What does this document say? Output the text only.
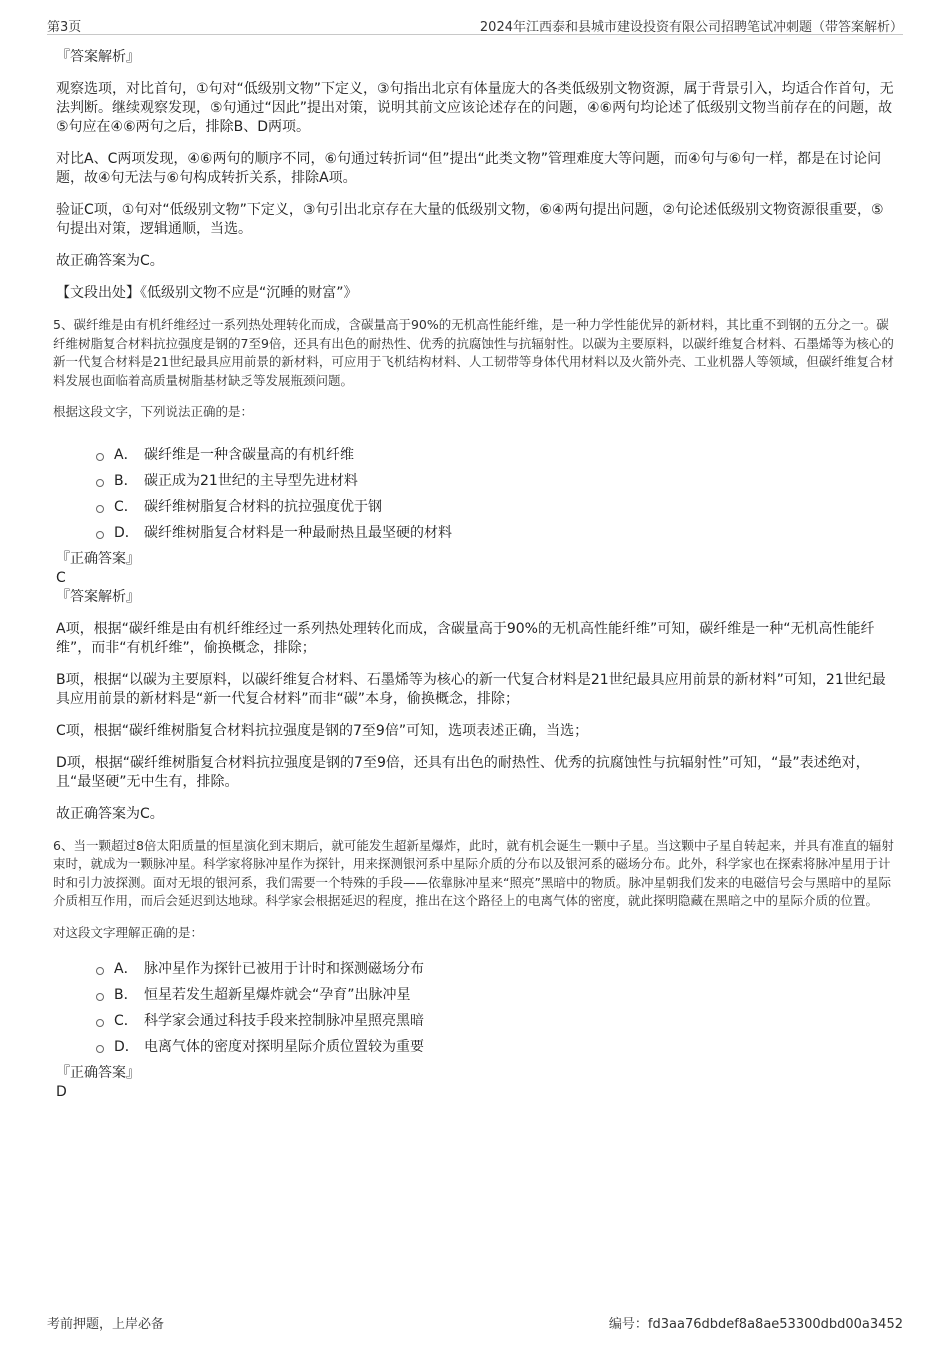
第3页	2024年江西泰和县城市建设投资有限公司招聘笔试冲刺题（带答案解析）

『答案解析』

观察选项，对比首句，①句对“低级别文物”下定义，③句指出北京有体量庞大的各类低级别文物资源，属于背景引入，均适合作首句，无法判断。继续观察发现，⑤句通过“因此”提出对策，说明其前文应该论述存在的问题，④⑥两句均论述了低级别文物当前存在的问题，故⑤句应在④⑥两句之后，排除B、D两项。

对比A、C两项发现，④⑥两句的顺序不同，⑥句通过转折词“但”提出“此类文物”管理难度大等问题，而④句与⑥句一样，都是在讨论问题，故④句无法与⑥句构成转折关系，排除A项。

验证C项，①句对“低级别文物”下定义，③句引出北京存在大量的低级别文物，⑥④两句提出问题，②句论述低级别文物资源很重要，⑤句提出对策，逻辑通顺，当选。

故正确答案为C。

【文段出处】《低级别文物不应是“沉睡的财富”》

5、碳纤维是由有机纤维经过一系列热处理转化而成，含碳量高于90%的无机高性能纤维，是一种力学性能优异的新材料，其比重不到钢的五分之一。碳纤维树脂复合材料抗拉强度是钢的7至9倍，还具有出色的耐热性、优秀的抗腐蚀性与抗辐射性。以碳为主要原料，以碳纤维复合材料、石墨烯等为核心的新一代复合材料是21世纪最具应用前景的新材料，可应用于飞机结构材料、人工韧带等身体代用材料以及火箭外壳、工业机器人等领域，但碳纤维复合材料发展也面临着高质量树脂基材缺乏等发展瓶颈问题。

根据这段文字，下列说法正确的是：

A． 碳纤维是一种含碳量高的有机纤维
B． 碳正成为21世纪的主导型先进材料
C． 碳纤维树脂复合材料的抗拉强度优于钢
D． 碳纤维树脂复合材料是一种最耐热且最坚硬的材料

『正确答案』

C

『答案解析』

A项，根据“碳纤维是由有机纤维经过一系列热处理转化而成，含碳量高于90%的无机高性能纤维”可知，碳纤维是一种“无机高性能纤维”，而非“有机纤维”，偷换概念，排除；

B项，根据“以碳为主要原料，以碳纤维复合材料、石墨烯等为核心的新一代复合材料是21世纪最具应用前景的新材料”可知，21世纪最具应用前景的新材料是“新一代复合材料”而非“碳”本身，偷换概念，排除；

C项，根据“碳纤维树脂复合材料抗拉强度是钢的7至9倍”可知，选项表述正确，当选；

D项，根据“碳纤维树脂复合材料抗拉强度是钢的7至9倍，还具有出色的耐热性、优秀的抗腐蚀性与抗辐射性”可知，“最”表述绝对，且“最坚硬”无中生有，排除。

故正确答案为C。

6、当一颗超过8倍太阳质量的恒星演化到末期后，就可能发生超新星爆炸，此时，就有机会诞生一颗中子星。当这颗中子星自转起来，并具有准直的辐射束时，就成为一颗脉冲星。科学家将脉冲星作为探针，用来探测银河系中星际介质的分布以及银河系的磁场分布。此外，科学家也在探索将脉冲星用于计时和引力波探测。面对无垠的银河系，我们需要一个特殊的手段——依靠脉冲星来“照亮”黑暗中的物质。脉冲星朝我们发来的电磁信号会与黑暗中的星际介质相互作用，而后会延迟到达地球。科学家会根据延迟的程度，推出在这个路径上的电离气体的密度，就此探明隐藏在黑暗之中的星际介质的位置。

对这段文字理解正确的是：

A． 脉冲星作为探针已被用于计时和探测磁场分布
B． 恒星若发生超新星爆炸就会“孕育”出脉冲星
C． 科学家会通过科技手段来控制脉冲星照亮黑暗
D． 电离气体的密度对探明星际介质位置较为重要

『正确答案』

D

考前押题，上岸必备	编号：fd3aa76dbdef8a8ae53300dbd00a3452
